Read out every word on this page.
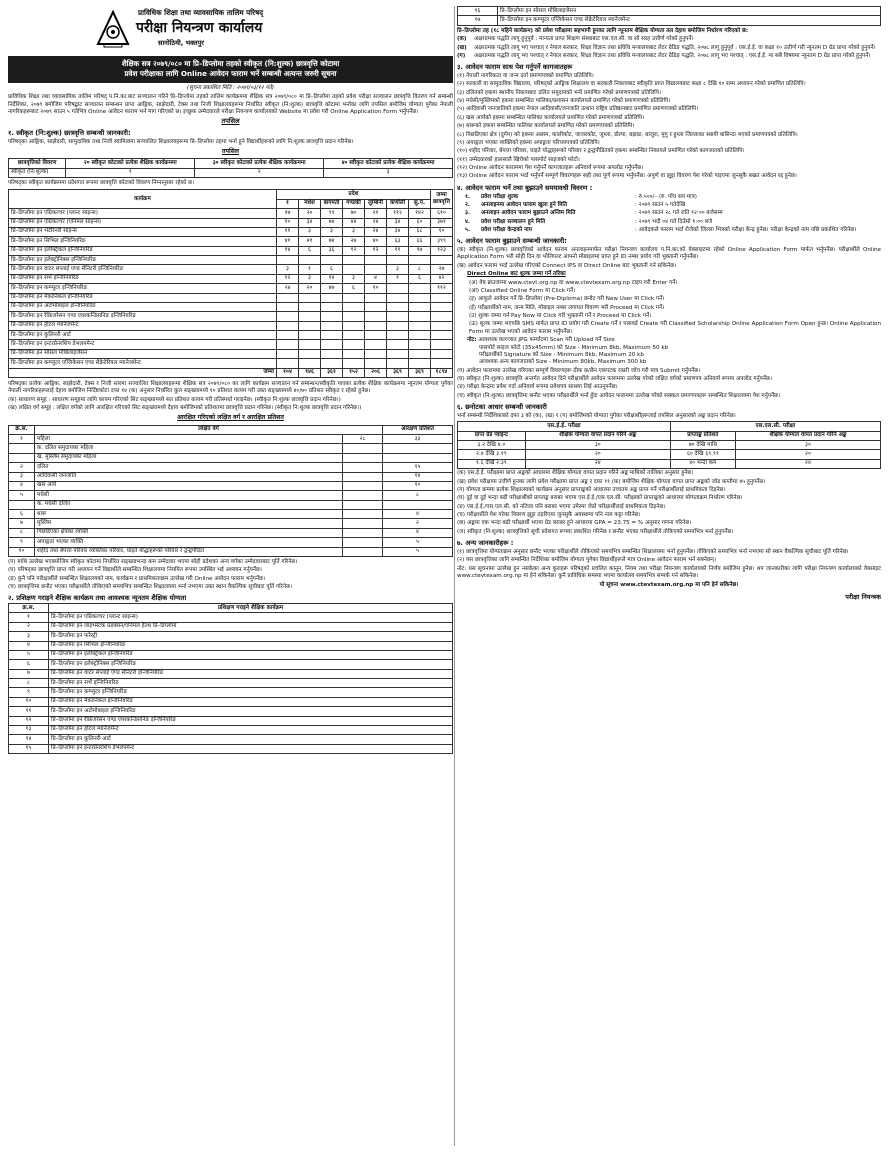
प्राविधिक शिक्षा तथा व्यावसायिक तालिम परिषद्
परीक्षा नियन्त्रण कार्यालय
सानोठिमी, भक्तपुर
शैक्षिक सत्र २०७९/०८० मा प्रि–डिप्लोमा तहको स्वीकृत (नि:शुल्क) छात्रवृत्ति कोटामा
प्रवेश परीक्षाका लागि Online आवेदन फाराम भर्ने सम्बन्धी अत्यन्त जरुरी सूचना
(सूचना प्रकाशित मिति : २०७९/०३/१२ गते)

प्राविधिक शिक्षा तथा व्यावसायिक तालिम परिषद् प.नि.का.बाट सञ्चालन गरिने प्रि–डिप्लोमा तहको तालिम कार्यक्रममा शैक्षिक सत्र २०७९/०८० मा प्रि–डिप्लोमा तहको प्रवेश परीक्षा सञ्चालन छात्रवृत्ति वितरण गर्न सम्बन्धी निर्देशिका, २०७९ बमोजिम परिषद्बाट सञ्चालन सम्बन्धन प्राप्त आङ्गिक, साझेदारी, टेक्स तथा निजी शिक्षालयहरूमा निर्धारित स्वीकृत (नि:शुल्क) छात्रवृत्ति कोटामा भर्नाका लागि तपसिल बमोजिम योग्यता पुगेका नेपाली नागरिकहरूबाट २०७९ साउन ५ गतेभित्र Online आवेदन फाराम भर्न माग गरिएको छ। इच्छुक उम्मेदवारले परीक्षा नियन्त्रण कार्यालयको Website मा प्रवेश गरी Online Application Form भर्नुपर्नेछ।

तपसिल
१. स्वीकृत (नि:शुल्क) छात्रवृत्ति सम्बन्धी जानकारी:

परिषद्का आङ्गिक, साझेदारी, सामुदायिक तथा निजी स्वामित्वमा सञ्चालित शिक्षालयहरूमा प्रि–डिप्लोमा तहमा भर्ना हुने विद्यार्थीहरूको लागि नि:शुल्क छात्रवृत्ति प्रदान गरिनेछ।

तपसिल
छात्रवृत्तिको विवरण	२० स्वीकृत कोटाको प्रत्येक शैक्षिक कार्यक्रममा	३० स्वीकृत कोटाको प्रत्येक शैक्षिक कार्यक्रममा	४० स्वीकृत कोटाको प्रत्येक शैक्षिक कार्यक्रममा
स्वीकृत (नि:शुल्क)	१	२	३

परिषद्का स्वीकृत कार्यक्रममा प्रदेशगत रूपमा छात्रवृत्ति कोटाको विवरण निम्नानुसार रहेको छ।

कार्यक्रम	प्रदेश							जम्मा छात्रवृत्ति
	१	मधेश	बागमती	गण्डकी	लुम्बिनी	कर्णाली	सु.प.	
प्रि–डिप्लोमा इन एग्रिकल्चर (प्लान्ट साइन्स)	१७	२०	९९	७०	२१	११२	१४२	६१०
प्रि–डिप्लोमा इन एग्रिकल्चर (एनिमल साइन्स)	१०	३४	७४	४४	२४	३४	६०	३७१
प्रि–डिप्लोमा इन भेटेरिनरी साइन्स	११	३	३	३	२४	३४	६८	१०
प्रि–डिप्लोमा इन सिभिल इन्जिनियरिङ	४१	४१	७४	२७	४०	६३	६६	३९९
प्रि–डिप्लोमा इन इलेक्ट्रिकल इन्जिनियरिङ	१४	६	३६	१२	१२	११	१७	१२३
प्रि–डिप्लोमा इन इलेक्ट्रोनिक्स इन्जिनियरिङ								
प्रि–डिप्लोमा इन वाटर सप्लाई एण्ड सेनिटरी इन्जिनियरिङ	३	१	६			३	८	२७
प्रि–डिप्लोमा इन सर्भे इन्जिनियरिङ	१२	३	१४	३	४	१	६	४२
प्रि–डिप्लोमा इन कम्प्युटर इन्जिनियरिङ	२४	२०	४७	६	१०			११२
प्रि–डिप्लोमा इन मेकानिकल इन्जिनियरिङ								
प्रि–डिप्लोमा इन अटोमोबाइल इन्जिनियरिङ								
प्रि–डिप्लोमा इन रेफ्रिजरेसन एण्ड एयरकन्डिसनिङ इन्जिनियरिङ								
प्रि–डिप्लोमा इन होटल म्यानेजमेन्ट								
प्रि–डिप्लोमा इन कुलिनरी आर्ट								
प्रि–डिप्लोमा इन इन्टरप्रेनरशिप डेभलपमेन्ट								
प्रि–डिप्लोमा इन सोसल मोबिलाइजेसन								
प्रि–डिप्लोमा इन कम्प्युटर एप्लिकेसन एण्ड सेक्रेटेरियल म्यानेजमेन्ट								
जम्मा	१०४	१४६	३६१	१५२	२०६	३६९	३६९	१८९४

परिषद्का प्रत्येक आङ्गिक, साझेदारी, टेक्स र निजी स्तरमा सञ्चालित शिक्षालयहरूमा शैक्षिक सत्र २०७९/०८० का लागि कार्यक्रम सञ्चालन गर्न सम्बन्धन/स्वीकृति पाएका प्रत्येक शैक्षिक कार्यक्रममा न्यूनतम योग्यता पुगेका नेपाली नागरिकहरूलाई देहाय बमोजिम निर्दिष्टकोटा दफा १४ (क) अनुसार निर्धारित कुल सङ्ख्यामध्ये १० प्रतिशत कायम गरी उक्त सङ्ख्यामध्ये ४०/७० प्रतिशत स्वीकृत र रहेको हुनेछ।

(क) साधारण समूह : साधारण समूहमा लागि कायम गरिएको सिट सङ्ख्यामध्ये सत प्रतिशत कायम गरी प्रतिस्पर्धा गराइनेछ। (स्वीकृत नि:शुल्क छात्रवृत्ति प्रदान गरिनेछ।)

(ख) लक्षित वर्ग समूह : लक्षित वर्गको लागि आरक्षित गरिएको सिट सङ्ख्यामध्ये देहाय बमोजिमको प्रतिशतमा छात्रवृत्ति प्रदान गरिनेछ। (स्वीकृत नि:शुल्क छात्रवृत्ति प्रदान गरिनेछ।)

आरक्षित गरिएको लक्षित वर्ग र आरक्षित प्रतिशत
क्र.स.	लक्षित वर्ग		आरक्षण प्रतिशत
१	महिला	२८	३३
	क. दलित समुदायका महिला		
	ख. मुस्लिम समुदायका महिला		
२	दलित		१५
३	आदिवासी जनजाति		१४
४	खस आर्य		१०
५	मधेसी		८
	क. मधेसी दलित		
६	थारू		४
७	मुस्लिम		२
८	पिछडिएका क्षेत्रका व्यक्ति		४
९	अपाङ्गता भएका व्यक्ति		५
१०	शहीद तथा बेपत्ता परिवार व्यक्तिका परिवार, घाइते योद्धाहरूको परिवार र द्वन्द्वपीडित		५

(ग) माथि उल्लेख भएबमोजिम स्वीकृत कोटामा निर्धारित सङ्ख्याभन्दा कम उम्मेदवार भएमा सोही प्रदेशका अन्य वर्गका उम्मेदवारबाट पूर्ति गरिनेछ।

(घ) परिषद्का छात्रवृत्ति प्राप्त गरी अध्ययन गर्ने विद्यार्थीले सम्बन्धित शिक्षालयमा नियमित रूपमा उपस्थित भई अध्ययन गर्नुपर्नेछ।

(ङ) कुनै पनि परीक्षार्थीले सम्बन्धित शिक्षालयको नाम, कार्यक्रम र प्राथमिकताक्रम उल्लेख गरी Online आवेदन फाराम भर्नुपर्नेछ।

(च) छात्रवृत्तिमा छनौट भएका परीक्षार्थीले तोकिएको समयभित्र सम्बन्धित शिक्षालयमा भर्ना नभएमा उक्त स्थान वैकल्पिक सूचीबाट पूर्ति गरिनेछ।

२. प्रशिक्षण गराइने शैक्षिक कार्यक्रम तथा आवश्यक न्यूनतम शैक्षिक योग्यता
क्र.स.	प्रशिक्षण गराइने शैक्षिक कार्यक्रम
१	प्रि–डिप्लोमा इन एग्रिकल्चर (प्लान्ट साइन्स)
२	प्रि–डिप्लोमा इन लाइभस्टक प्रडक्सन/एनिमल हेल्थ प्रि–डिप्लोमा
३	प्रि–डिप्लोमा इन फरेस्ट्री
४	प्रि–डिप्लोमा इन सिभिल इन्जिनियरिङ
५	प्रि–डिप्लोमा इन इलेक्ट्रिकल इन्जिनियरिङ
६	प्रि–डिप्लोमा इन इलेक्ट्रोनिक्स इन्जिनियरिङ
७	प्रि–डिप्लोमा इन वाटर सप्लाई एण्ड सेनिटरी इन्जिनियरिङ
८	प्रि–डिप्लोमा इन सर्भे इन्जिनियरिङ
९	प्रि–डिप्लोमा इन कम्प्युटर इन्जिनियरिङ
१०	प्रि–डिप्लोमा इन मेकानिकल इन्जिनियरिङ
११	प्रि–डिप्लोमा इन अटोमोबाइल इन्जिनियरिङ
१२	प्रि–डिप्लोमा इन रेफ्रिजरेसन एण्ड एयरकन्डिसनिङ इन्जिनियरिङ
१३	प्रि–डिप्लोमा इन होटल म्यानेजमेन्ट
१४	प्रि–डिप्लोमा इन कुलिनरी आर्ट
१५	प्रि–डिप्लोमा इन इन्टरप्रेनरशिप डेभलपमेन्ट
१६	प्रि–डिप्लोमा इन सोसल मोबिलाइजेसन
१७	प्रि–डिप्लोमा इन कम्प्युटर एप्लिकेसन एण्ड सेक्रेटेरियल म्यानेजमेन्ट

प्रि–डिप्लोमा तह (१८ महिने कार्यक्रम) को प्रवेश परीक्षामा सहभागी हुनका लागि न्यूनतम शैक्षिक योग्यता तल देहाय बमोजिम निर्धारण गरिएको छ:

(क)	अक्षरात्मक पद्धति लागू हुनुपूर्व : मान्यता प्राप्त शिक्षण संस्थाबाट एस.एल.सी. वा सो सरह उत्तीर्ण गरेको हुनुपर्ने।
(ख)	अक्षरात्मक पद्धति लागू भए पश्चात् र नेपाल सरकार, शिक्षा विज्ञान तथा प्रविधि मन्त्रालयबाट लेटर ग्रेडिङ पद्धति, २०७८ लागू हुनुपूर्व : एस.ई.ई. वा कक्षा १० उत्तीर्ण गरी न्यूनतम D ग्रेड प्राप्त गरेको हुनुपर्ने।
(ग)	अक्षरात्मक पद्धति लागू भए पश्चात् र नेपाल सरकार, शिक्षा विज्ञान तथा प्रविधि मन्त्रालयबाट लेटर ग्रेडिङ पद्धति, २०७८ लागू भए पश्चात् : एस.ई.ई. मा सबै विषयमा न्यूनतम D ग्रेड प्राप्त गरेको हुनुपर्ने।
३. आवेदन फाराम साथ पेश गर्नुपर्ने कागजातहरू

(१) नेपाली नागरिकता वा जन्म दर्ता प्रमाणपत्रको प्रमाणित प्रतिलिपि।

(२) सरकारी वा सामुदायिक विद्यालय, परिषद्को आङ्गिक शिक्षालय वा सरकारी निकायबाट स्वीकृति प्राप्त विद्यालयबाट कक्षा ८ देखि १० सम्म अध्ययन गरेको प्रमाणित प्रतिलिपि।

(३) दलितको हकमा स्थानीय निकायबाट दलित समुदायको भनी प्रमाणित गरेको प्रमाणपत्रको प्रतिलिपि।

(४) मधेसी/मुस्लिमको हकमा सम्बन्धित पालिका/प्रशासन कार्यालयले प्रमाणित गरेको प्रमाणपत्रको प्रतिलिपि।

(५) आदिवासी जनजातिको हकमा नेपाल आदिवासी/जनजाति उत्थान राष्ट्रिय प्रतिष्ठानबाट प्रमाणित प्रमाणपत्रको प्रतिलिपि।

(६) खस आर्यको हकमा सम्बन्धित पालिका कार्यालयले प्रमाणित गरेको प्रमाणपत्रको प्रतिलिपि।

(७) थारूको हकमा सम्बन्धित पालिका कार्यालयले प्रमाणित गरेको प्रमाणपत्रको प्रतिलिपि।

(८) पिछडिएका क्षेत्र (दुर्गम) को हकमा अछाम, कालीकोट, जाजरकोट, जुम्ला, डोल्पा, बझाङ, बाजुरा, मुगु र हुम्ला जिल्लाका स्थायी बासिन्दा भएको प्रमाणपत्रको प्रतिलिपि।

(९) अपाङ्गता भएका व्यक्तिको हकमा अपाङ्गता परिचयपत्रको प्रतिलिपि।

(१०) शहीद परिवार, बेपत्ता परिवार, घाइते योद्धाहरूको परिवार र द्वन्द्वपीडितको हकमा सम्बन्धित निकायले प्रमाणित गरेको कागजातको प्रतिलिपि।

(११) उम्मेदवारको हालसालै खिचेको पासपोर्ट साइजको फोटो।

(१२) Online आवेदन फाराममा पेश गर्नुपर्ने कागजातहरू अनिवार्य रूपमा अपलोड गर्नुपर्नेछ।

(१३) Online आवेदन फाराम भर्दा भर्नुपर्ने सम्पूर्ण विवरणहरू सही तथा पूर्ण रूपमा भर्नुपर्नेछ। अपूर्ण वा झुट्टा विवरण पेश गरेको पाइएमा जुनसुकै बखत आवेदन रद्द हुनेछ।

४. आवेदन फाराम भर्ने तथा बुझाउने समयावधी विवरण :
१.	प्रवेश परीक्षा शुल्क	: रु.५००/– (रु. पाँच सय मात्र)
२.	अनलाइनमा आवेदन फाराम खुला हुने मिति	: २०७९ साउन ५ गतेदेखि
३.	अनलाइन आवेदन फाराम बुझाउने अन्तिम मिति	: २०७९ साउन २८ गते राति १२:०० बजेसम्म
४.	प्रवेश परीक्षा सञ्चालन हुने मिति	: २०७९ भदौ ०४ गते दिउँसो १:०० बजे
५.	प्रवेश परीक्षा केन्द्रको नाम	: आवेदकले फाराम भर्दा रोजेको जिल्ला भित्रको परीक्षा केन्द्र हुनेछ। परीक्षा केन्द्रको नाम पछि प्रकाशित गरिनेछ।
५. आवेदन फाराम बुझाउने सम्बन्धी जानकारी:

(क) स्वीकृत (नि:शुल्क) छात्रवृत्तिको आवेदन फाराम अनलाइनमार्फत परीक्षा नियन्त्रण कार्यालय प.नि.का.को वेबसाइटमा रहेको Online Application Form मार्फत भर्नुपर्नेछ। परीक्षार्थीले Online Application Form भरी सोही दिन वा भोलिपल्ट आफ्नो मोबाइलमा प्राप्त हुने ID नम्बर प्रयोग गरी भुक्तानी गर्नुपर्नेछ।

(ख) आवेदन फाराम भर्दा उल्लेख गरिएको Connect IPS वा Direct Online बाट भुक्तानी गर्न सकिनेछ।

Direct Online बाट शुल्क जम्मा गर्ने तरिका

(अ) वेब ब्राउजरमा www.ctevt.org.np वा www.ctevtexam.org.np टाइप गरी Enter गर्ने।

(आ) Classified Online Form मा Click गर्ने।

(इ) आफूले आवेदन गर्ने प्रि–डिप्लोमा (Pre-Diploma) छनोट गरी New User मा Click गर्ने।

(ई) परीक्षार्थीको नाम, जन्म मिति, मोबाइल नम्बर लगायत विवरण भरी Proceed मा Click गर्ने।

(उ) शुल्क जम्मा गर्न Pay Now मा Click गरी भुक्तानी गर्ने र Proceed मा Click गर्ने।

(ऊ) शुल्क जम्मा भएपछि SMS मार्फत प्राप्त ID प्रयोग गरी Create गर्ने र पासवर्ड Create गरी Classified Scholarship Online Application Form Open हुन्छ। Online Application Form मा उल्लेख भएको आवेदन फाराम भर्नुपर्नेछ।

नोट: आवश्यक कागजात JPG फर्म्याटमा Scan गरी Upload गर्ने Size
पासपोर्ट साइज फोटो (35x45mm) को Size - Minimum 8kb, Maximum 50 kb
परीक्षार्थीको Signature को Size - Minimum 8kb, Maximum 20 kb
आवश्यक अन्य कागजातको Size - Minimum 80kb, Maximum 300 kb

(ग) आवेदन फाराममा उल्लेख गरिएका सम्पूर्ण विवरणहरू ठीक छ/छैन एकपटक राम्ररी जाँच गरी मात्र Submit गर्नुपर्नेछ।

(घ) स्वीकृत (नि:शुल्क) छात्रवृत्ति अन्तर्गत आवेदन दिने परीक्षार्थीले आवेदन फाराममा उल्लेख गरेको लक्षित वर्गको प्रमाणपत्र अनिवार्य रूपमा अपलोड गर्नुपर्नेछ।

(ङ) परीक्षा केन्द्रमा प्रवेश गर्दा अनिवार्य रूपमा प्रवेशपत्र साथमा लिई आउनुपर्नेछ।

(च) स्वीकृत (नि:शुल्क) छात्रवृत्तिमा छनौट भएका परीक्षार्थीले भर्ना हुँदा आवेदन फाराममा उल्लेख गरेको सक्कल प्रमाणपत्रहरू सम्बन्धित शिक्षालयमा पेश गर्नुपर्नेछ।

६. छनोटका आधार सम्बन्धी जानकारी

भर्ना सम्बन्धी निर्देशिकाको दफा ३ को (क), (ख) र (ग) बमोजिमको योग्यता पुगेका परीक्षार्थीहरूलाई तपसिल अनुसारको अङ्क प्रदान गरिनेछ।

एस.ई.ई. परीक्षा		एस.एल.सी. परीक्षा	
प्राप्त ग्रेड प्वाइन्ट	शैक्षिक योग्यता वापत प्रदान गरिने अङ्क	प्राप्ताङ्क प्रतिशत	शैक्षिक योग्यता वापत प्रदान गरिने अङ्क
३.२ देखि ४.०	३०	७० देखि माथि	३०
२.४ देखि ३.१९	२०	६० देखि ६९.९९	२०
१.६ देखि २.३९	२४	४० भन्दा कम	२४

(क) एस.ई.ई. परीक्षामा प्राप्त अङ्कको आधारमा शैक्षिक योग्यता वापत प्रदान गरिने अङ्क माथिको तालिका अनुसार हुनेछ।

(ख) प्रवेश परीक्षामा उत्तीर्ण हुनका लागि प्रवेश परीक्षामा प्राप्त अङ्क र दफा ११ (क) बमोजिम शैक्षिक योग्यता वापत प्राप्त अङ्कको जोड कम्तीमा ४५ हुनुपर्नेछ।

(ग) योग्यता क्रममा प्रत्येक शिक्षालयको कार्यक्रम अनुसार प्राप्ताङ्कको आधारमा उच्चतम अङ्क प्राप्त गर्ने परीक्षार्थीलाई प्राथमिकता दिइनेछ।

(घ) दुई वा दुई भन्दा बढी परीक्षार्थीको प्राप्ताङ्क बराबर भएमा एस.ई.ई./एस.एल.सी. परीक्षाको प्राप्ताङ्कको आधारमा योग्यताक्रम निर्धारण गरिनेछ।

(ङ) एस.ई.ई./एस.एल.सी. को नतिजा पनि बराबर भएमा उमेरमा जेठो परीक्षार्थीलाई प्राथमिकता दिइनेछ।

(च) परीक्षार्थीले पेश गरेका विवरण झुट्टा ठहरिएमा जुनसुकै अवस्थामा पनि नाम कट्टा गरिनेछ।

(छ) अङ्कमा एक भन्दा बढी परीक्षार्थी भएमा ग्रेड बराबर हुने आधारमा GPA = 23.75 = % अनुसार गणना गरिनेछ।

(ज) स्वीकृत (नि:शुल्क) छात्रवृत्तिको सूची प्रदेशगत रूपमा प्रकाशित गरिनेछ र छनौट भएका परीक्षार्थीले तोकिएको समयभित्र भर्ना हुनुपर्नेछ।

७. अन्य जानकारीहरू :

(१) छात्रवृत्तिमा योग्यताक्रम अनुसार छनौट भएका परीक्षार्थीले तोकिएको समयभित्र सम्बन्धित शिक्षालयमा भर्ना हुनुपर्नेछ। तोकिएको समयभित्र भर्ना नभएमा सो स्थान वैकल्पिक सूचीबाट पूर्ति गरिनेछ।

(२) यस छात्रवृत्तिका लागि सम्बन्धित निर्देशिका बमोजिम योग्यता पुगेका विद्यार्थीहरूले मात्र Online आवेदन फाराम भर्न सक्नेछन्।

नोट: यस सूचनामा उल्लेख हुन नसकेका अन्य कुराहरू परिषद्को प्रचलित कानून, नियम तथा परीक्षा नियन्त्रण कार्यालयको निर्णय बमोजिम हुनेछ। थप जानकारीका लागि परीक्षा नियन्त्रण कार्यालयको वेबसाइट www.ctevtexam.org.np मा हेर्न सकिनेछ। कुनै प्राविधिक समस्या भएमा कार्यालय समयभित्र सम्पर्क गर्न सकिनेछ।

यो सूचना www.ctevtexam.org.np मा पनि हेर्न सकिनेछ।
परीक्षा नियन्त्रक
